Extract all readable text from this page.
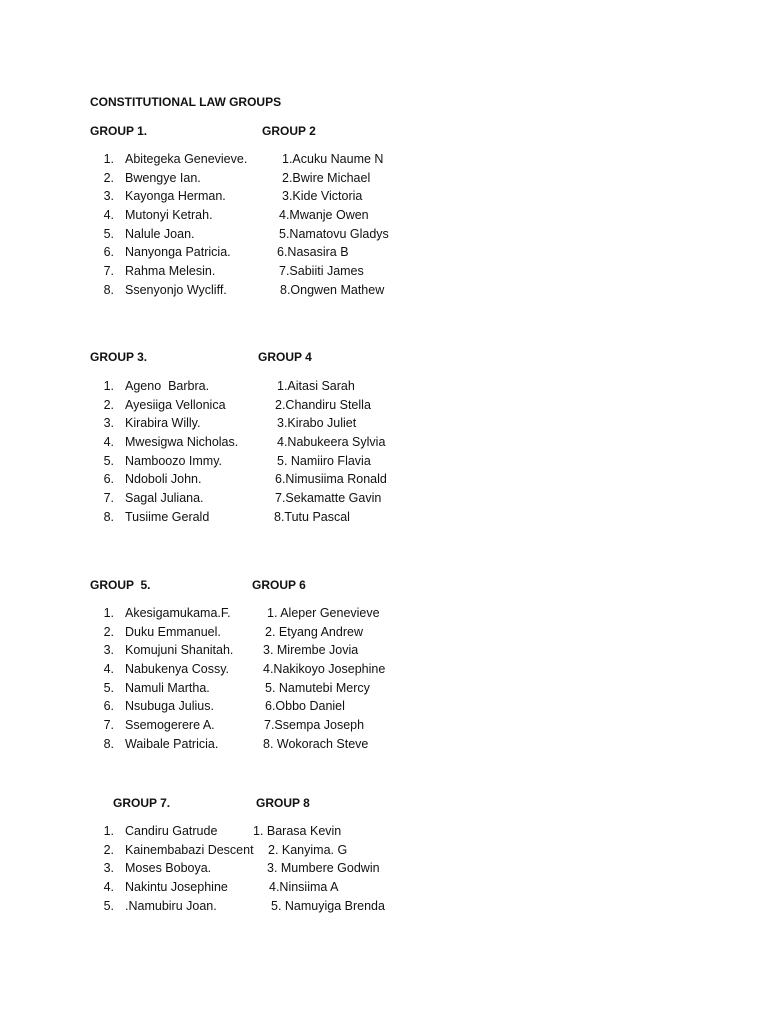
CONSTITUTIONAL LAW GROUPS
GROUP 1.	GROUP 2
1. Abitegeka Genevieve.	1.Acuku Naume N
2. Bwengye Ian.	2.Bwire Michael
3. Kayonga Herman.	3.Kide Victoria
4. Mutonyi Ketrah.	4.Mwanje Owen
5. Nalule Joan.	5.Namatovu Gladys
6. Nanyonga Patricia.	6.Nasasira B
7. Rahma Melesin.	7.Sabiiti James
8. Ssenyonjo Wycliff.	8.Ongwen Mathew
GROUP 3.	GROUP 4
1. Ageno  Barbra.	1.Aitasi Sarah
2. Ayesiiga Vellonica	2.Chandiru Stella
3. Kirabira Willy.	3.Kirabo Juliet
4. Mwesigwa Nicholas.	4.Nabukeera Sylvia
5. Namboozo Immy.	5. Namiiro Flavia
6. Ndoboli John.	6.Nimusiima Ronald
7. Sagal Juliana.	7.Sekamatte Gavin
8. Tusiime Gerald	8.Tutu Pascal
GROUP  5.	GROUP 6
1. Akesigamukama.F.	1. Aleper Genevieve
2. Duku Emmanuel.	2. Etyang Andrew
3. Komujuni Shanitah. 3. Mirembe Jovia
4. Nabukenya Cossy.	4.Nakikoyo Josephine
5. Namuli Martha.	5. Namutebi Mercy
6. Nsubuga Julius.	6.Obbo Daniel
7. Ssemogerere A.	7.Ssempa Joseph
8. Waibale Patricia.	8. Wokorach Steve
GROUP 7.	GROUP 8
1. Candiru Gatrude	1. Barasa Kevin
2. Kainembabazi Descent 2. Kanyima. G
3. Moses Boboya.	3. Mumbere Godwin
4. Nakintu Josephine	4.Ninsiima A
5. .Namubiru Joan.	5. Namuyiga Brenda
